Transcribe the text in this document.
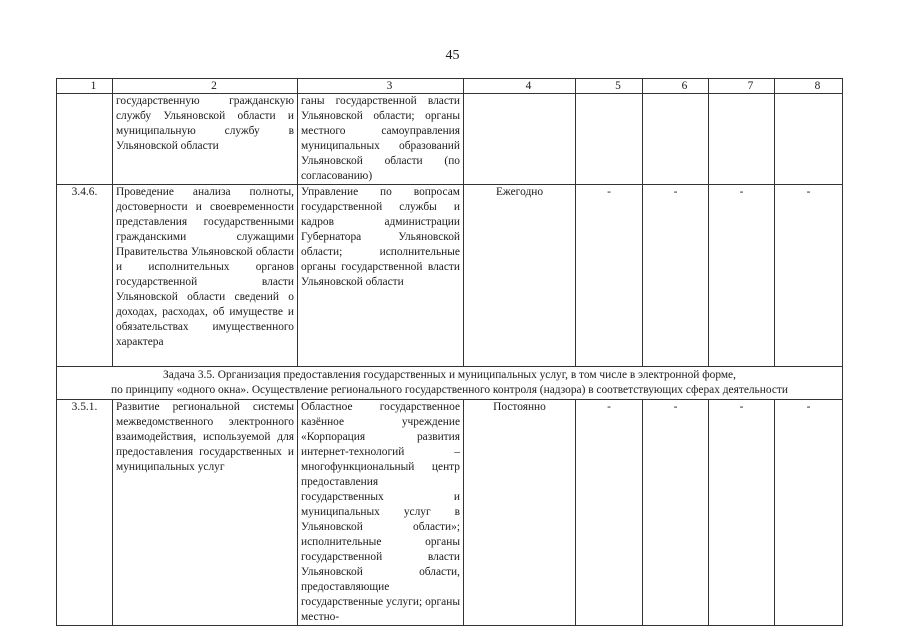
45
1	2	3	4	5	6	7	8
	государственную гражданскую службу Ульяновской области и муниципальную службу в Ульяновской области	ганы государственной власти Ульяновской области; органы местного самоуправления муниципальных образований Ульяновской области (по согласованию)					
3.4.6.	Проведение анализа полноты, достоверности и своевременности представления государственными гражданскими служащими Правительства Ульяновской области и исполнительных органов государственной власти Ульяновской области сведений о доходах, расходах, об имуществе и обязательствах имущественного характера	Управление по вопросам государственной службы и кадров администрации Губернатора Ульяновской области; исполнительные органы государственной власти Ульяновской области	Ежегодно	-	-	-	-

Задача 3.5. Организация предоставления государственных и муниципальных услуг, в том числе в электронной форме,
по принципу «одного окна». Осуществление регионального государственного контроля (надзора) в соответствующих сферах деятельности							

3.5.1.	Развитие региональной системы межведомственного электронного взаимодействия, используемой для предоставления государственных и муниципальных услуг	Областное государственное казённое учреждение «Корпорация развития интернет-технологий – многофункциональный центр предоставления государственных и муниципальных услуг в Ульяновской области»; исполнительные органы государственной власти Ульяновской области, предоставляющие государственные услуги; органы местно-	Постоянно	-	-	-	-
